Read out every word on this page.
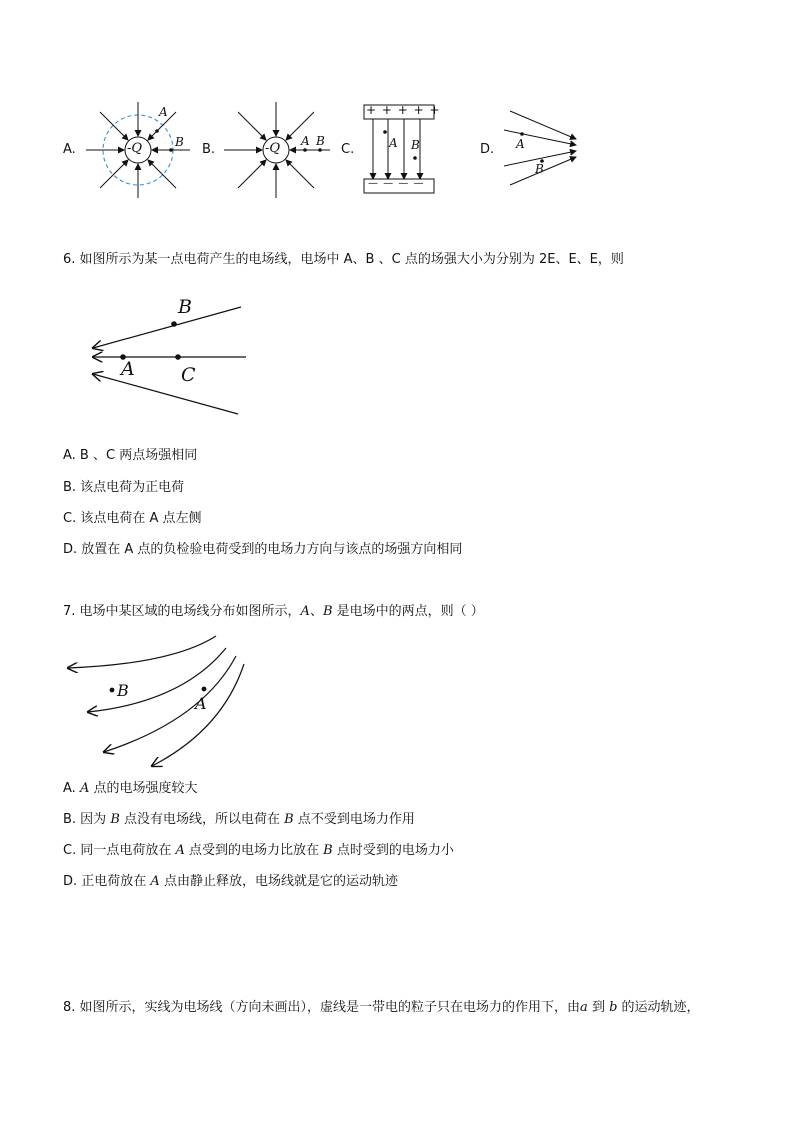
A.	-Q
A
B B.	-Q A B
C.
+ + + + +
— — — —
A B	D. A
B
6. 如图所示为某一点电荷产生的电场线，电场中 A、B 、C 点的场强大小为分别为 2E、E、E，则
B
A C
A. B 、C 两点场强相同
B. 该点电荷为正电荷
C. 该点电荷在 A 点左侧
D. 放置在 A 点的负检验电荷受到的电场力方向与该点的场强方向相同
7. 电场中某区域的电场线分布如图所示，A、B 是电场中的两点，则（ ）
B
A
A. A 点的电场强度较大
B. 因为 B 点没有电场线，所以电荷在 B 点不受到电场力作用
C. 同一点电荷放在 A 点受到的电场力比放在 B 点时受到的电场力小
D. 正电荷放在 A 点由静止释放，电场线就是它的运动轨迹
8. 如图所示，实线为电场线（方向未画出），虚线是一带电的粒子只在电场力的作用下，由a 到 b 的运动轨迹，
